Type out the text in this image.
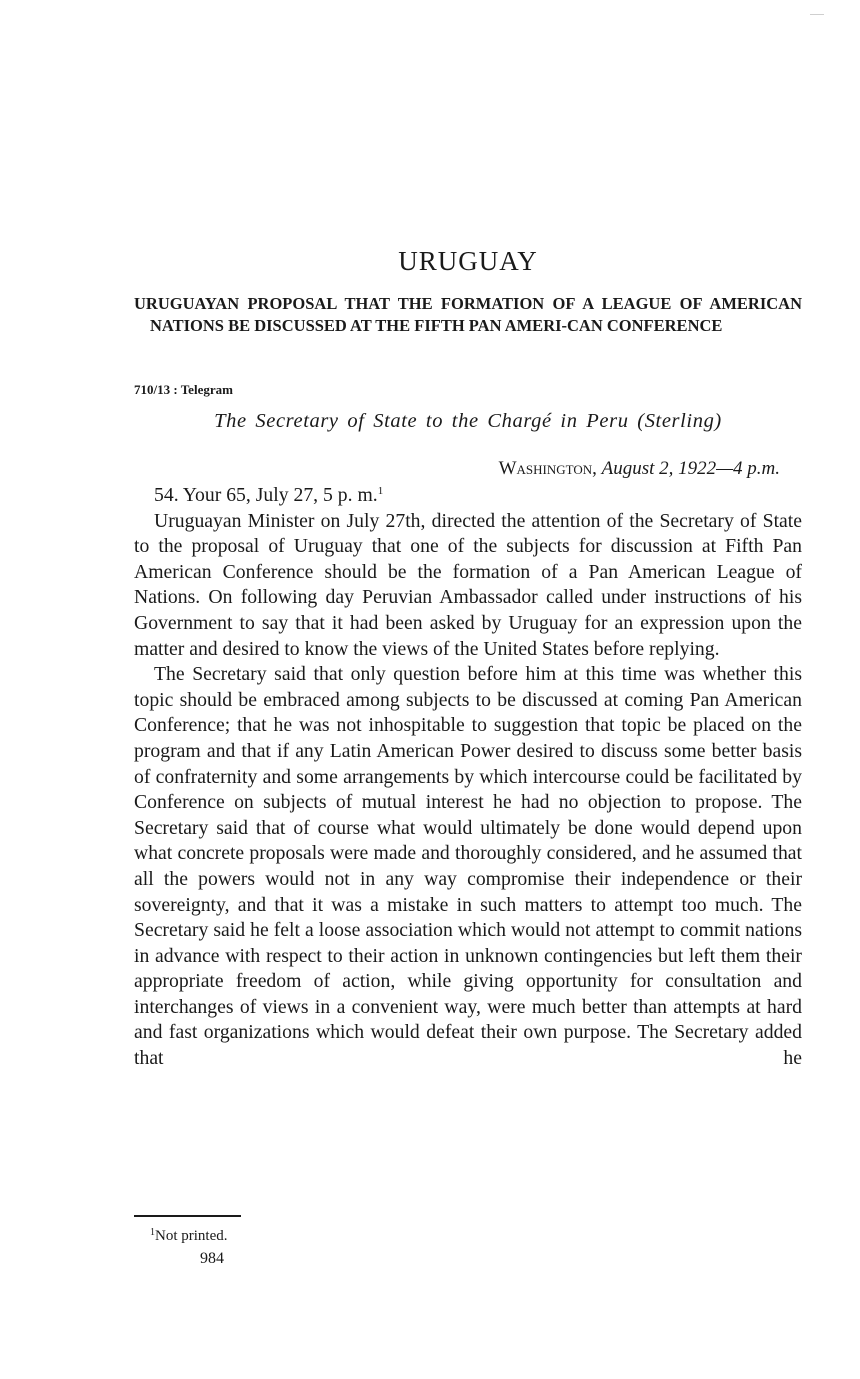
URUGUAY
URUGUAYAN PROPOSAL THAT THE FORMATION OF A LEAGUE OF AMERICAN NATIONS BE DISCUSSED AT THE FIFTH PAN AMERI-CAN CONFERENCE

710/13 : Telegram

The Secretary of State to the Chargé in Peru (Sterling)

Washington, August 2, 1922—4 p.m.

54. Your 65, July 27, 5 p. m.$^1$

Uruguayan Minister on July 27th, directed the attention of the Secretary of State to the proposal of Uruguay that one of the subjects for discussion at Fifth Pan American Conference should be the formation of a Pan American League of Nations. On following day Peruvian Ambassador called under instructions of his Government to say that it had been asked by Uruguay for an expression upon the matter and desired to know the views of the United States before replying.

The Secretary said that only question before him at this time was whether this topic should be embraced among subjects to be discussed at coming Pan American Conference; that he was not inhospitable to suggestion that topic be placed on the program and that if any Latin American Power desired to discuss some better basis of confraternity and some arrangements by which intercourse could be facilitated by Conference on subjects of mutual interest he had no objection to propose. The Secretary said that of course what would ultimately be done would depend upon what concrete proposals were made and thoroughly considered, and he assumed that all the powers would not in any way compromise their independence or their sovereignty, and that it was a mistake in such matters to attempt too much. The Secretary said he felt a loose association which would not attempt to commit nations in advance with respect to their action in unknown contingencies but left them their appropriate freedom of action, while giving opportunity for consultation and interchanges of views in a convenient way, were much better than attempts at hard and fast organizations which would defeat their own purpose. The Secretary added that he

$^1$Not printed.

984
